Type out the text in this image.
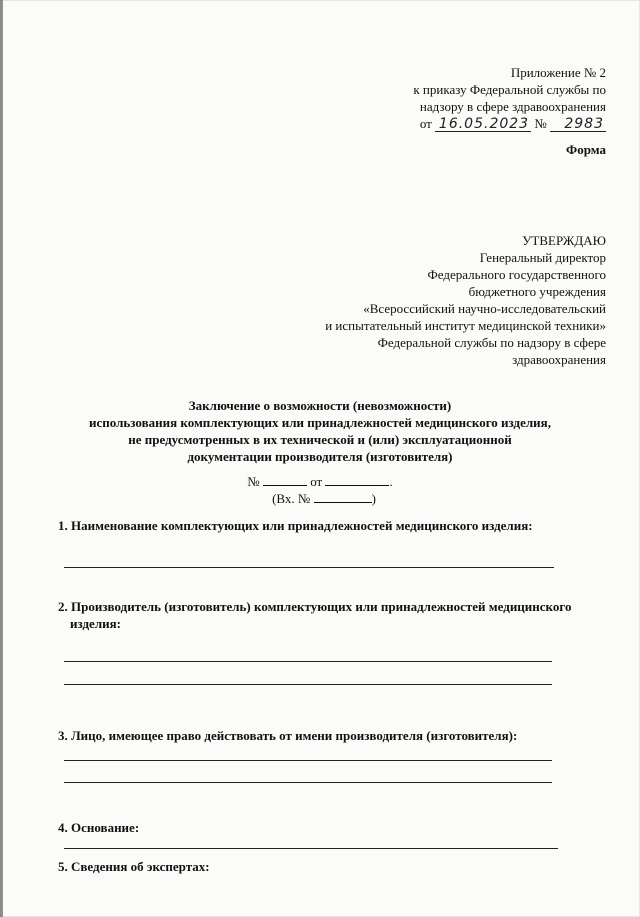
Приложение № 2
к приказу Федеральной службы по
надзору в сфере здравоохранения
от 16.05.2023 № 2983
Форма
УТВЕРЖДАЮ
Генеральный директор
Федерального государственного
бюджетного учреждения
«Всероссийский научно-исследовательский
и испытательный институт медицинской техники»
Федеральной службы по надзору в сфере
здравоохранения
Заключение о возможности (невозможности)
использования комплектующих или принадлежностей медицинского изделия,
не предусмотренных в их технической и (или) эксплуатационной
документации производителя (изготовителя)
№	от	.
(Вх. №	)
1. Наименование комплектующих или принадлежностей медицинского изделия:
2. Производитель (изготовитель) комплектующих или принадлежностей медицинского
изделия:
3. Лицо, имеющее право действовать от имени производителя (изготовителя):
4. Основание:
5. Сведения об экспертах:
